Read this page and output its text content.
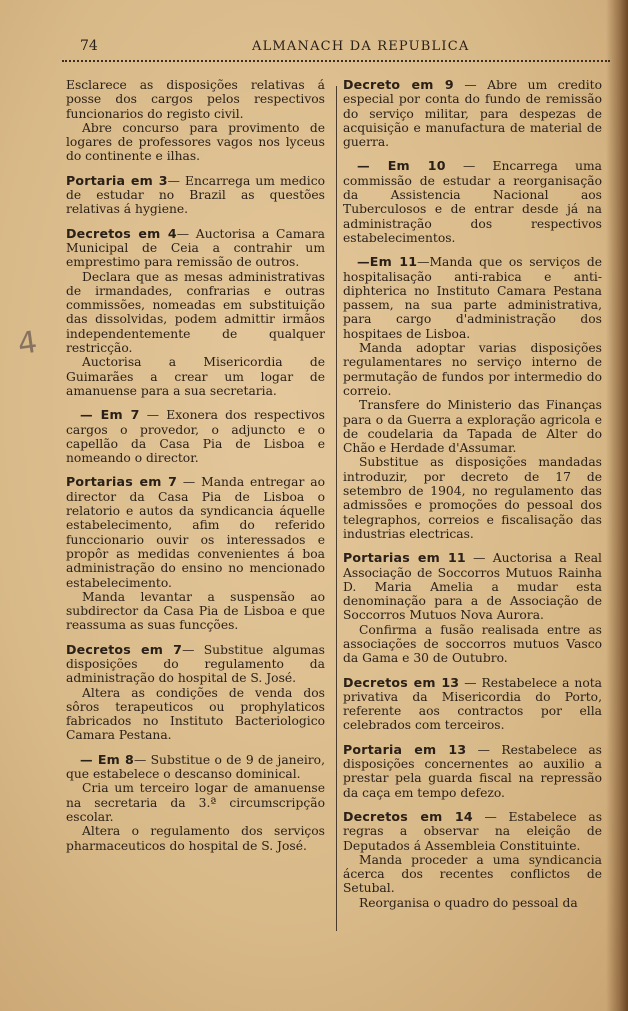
74	ALMANACH DA REPUBLICA
4

Esclarece as disposições relativas á posse dos cargos pelos respectivos funcionarios do registo civil.

Abre concurso para provimento de logares de professores vagos nos lyceus do continente e ilhas.

Portaria em 3— Encarrega um medico de estudar no Brazil as questões relativas á hygiene.

Decretos em 4— Auctorisa a Camara Municipal de Ceia a contrahir um emprestimo para remissão de outros.

Declara que as mesas administrativas de irmandades, confrarias e outras commissões, nomeadas em substituição das dissolvidas, podem admittir irmãos independentemente de qualquer restricção.

Auctorisa a Misericordia de Guimarães a crear um logar de amanuense para a sua secretaria.

— Em 7 — Exonera dos respectivos cargos o provedor, o adjuncto e o capellão da Casa Pia de Lisboa e nomeando o director.

Portarias em 7 — Manda entregar ao director da Casa Pia de Lisboa o relatorio e autos da syndicancia áquelle estabelecimento, afim do referido funccionario ouvir os interessados e propôr as medidas convenientes á boa administração do ensino no mencionado estabelecimento.

Manda levantar a suspensão ao subdirector da Casa Pia de Lisboa e que reassuma as suas funcções.

Decretos em 7— Substitue algumas disposições do regulamento da administração do hospital de S. José.

Altera as condições de venda dos sôros terapeuticos ou prophylaticos fabricados no Instituto Bacteriologico Camara Pestana.

— Em 8— Substitue o de 9 de janeiro, que estabelece o descanso dominical.

Cria um terceiro logar de amanuense na secretaria da 3.ª circumscripção escolar.

Altera o regulamento dos serviços pharmaceuticos do hospital de S. José.

Decreto em 9 — Abre um credito especial por conta do fundo de remissão do serviço militar, para despezas de acquisição e manufactura de material de guerra.

— Em 10 — Encarrega uma commissão de estudar a reorganisação da Assistencia Nacional aos Tuberculosos e de entrar desde já na administração dos respectivos estabelecimentos.

—Em 11—Manda que os serviços de hospitalisação anti-rabica e anti-diphterica no Instituto Camara Pestana passem, na sua parte administrativa, para cargo d'administração dos hospitaes de Lisboa.

Manda adoptar varias disposições regulamentares no serviço interno de permutação de fundos por intermedio do correio.

Transfere do Ministerio das Finanças para o da Guerra a exploração agricola e de coudelaria da Tapada de Alter do Chão e Herdade d'Assumar.

Substitue as disposições mandadas introduzir, por decreto de 17 de setembro de 1904, no regulamento das admissões e promoções do pessoal dos telegraphos, correios e fiscalisação das industrias electricas.

Portarias em 11 — Auctorisa a Real Associação de Soccorros Mutuos Rainha D. Maria Amelia a mudar esta denominação para a de Associação de Soccorros Mutuos Nova Aurora.

Confirma a fusão realisada entre as associações de soccorros mutuos Vasco da Gama e 30 de Outubro.

Decretos em 13 — Restabelece a nota privativa da Misericordia do Porto, referente aos contractos por ella celebrados com terceiros.

Portaria em 13 — Restabelece as disposições concernentes ao auxilio a prestar pela guarda fiscal na repressão da caça em tempo defezo.

Decretos em 14 — Estabelece as regras a observar na eleição de Deputados á Assembleia Constituinte.

Manda proceder a uma syndicancia ácerca dos recentes conflictos de Setubal.

Reorganisa o quadro do pessoal da
